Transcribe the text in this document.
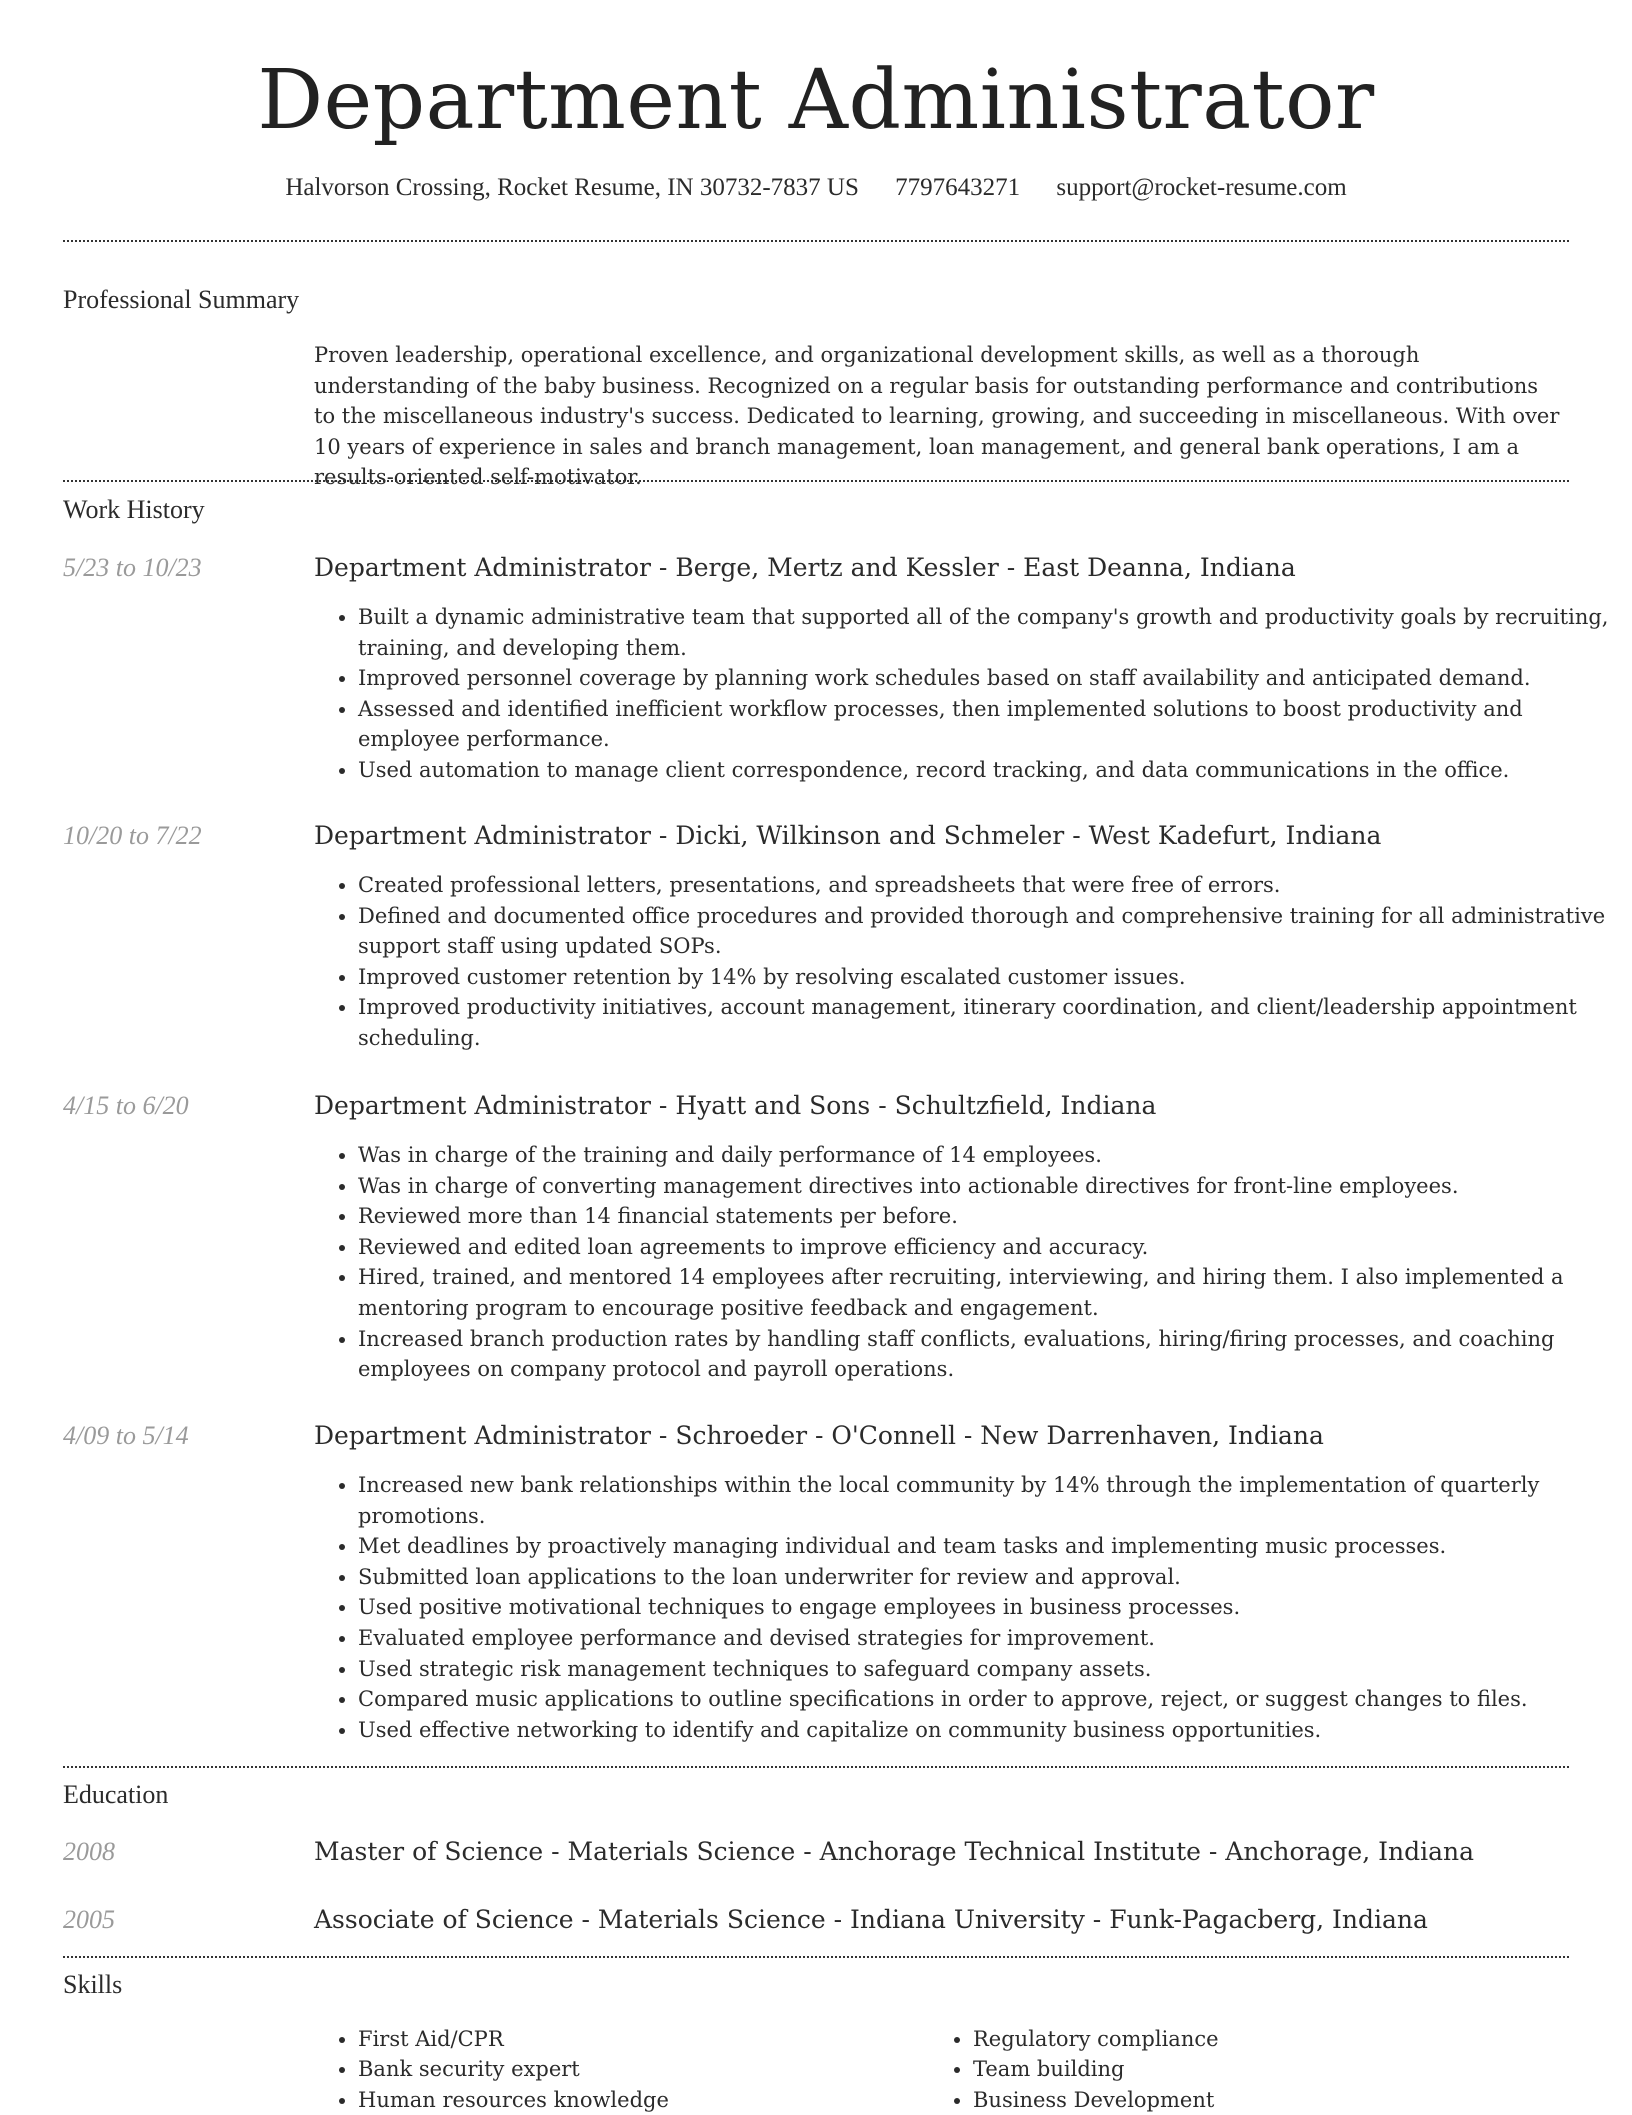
Department Administrator
Halvorson Crossing, Rocket Resume, IN 30732-7837 US 7797643271 support@rocket-resume.com
Professional Summary

Proven leadership, operational excellence, and organizational development skills, as well as a thorough understanding of the baby business. Recognized on a regular basis for outstanding performance and contributions to the miscellaneous industry's success. Dedicated to learning, growing, and succeeding in miscellaneous. With over 10 years of experience in sales and branch management, loan management, and general bank operations, I am a results-oriented self-motivator.

Work History
5/23 to 10/23	Department Administrator - Berge, Mertz and Kessler - East Deanna, Indiana
• Built a dynamic administrative team that supported all of the company's growth and productivity goals by recruiting, training, and developing them.
• Improved personnel coverage by planning work schedules based on staff availability and anticipated demand.
• Assessed and identified inefficient workflow processes, then implemented solutions to boost productivity and employee performance.
• Used automation to manage client correspondence, record tracking, and data communications in the office.
10/20 to 7/22	Department Administrator - Dicki, Wilkinson and Schmeler - West Kadefurt, Indiana
• Created professional letters, presentations, and spreadsheets that were free of errors.
• Defined and documented office procedures and provided thorough and comprehensive training for all administrative support staff using updated SOPs.
• Improved customer retention by 14% by resolving escalated customer issues.
• Improved productivity initiatives, account management, itinerary coordination, and client/leadership appointment scheduling.
4/15 to 6/20	Department Administrator - Hyatt and Sons - Schultzfield, Indiana
• Was in charge of the training and daily performance of 14 employees.
• Was in charge of converting management directives into actionable directives for front-line employees.
• Reviewed more than 14 financial statements per before.
• Reviewed and edited loan agreements to improve efficiency and accuracy.
• Hired, trained, and mentored 14 employees after recruiting, interviewing, and hiring them. I also implemented a mentoring program to encourage positive feedback and engagement.
• Increased branch production rates by handling staff conflicts, evaluations, hiring/firing processes, and coaching employees on company protocol and payroll operations.
4/09 to 5/14	Department Administrator - Schroeder - O'Connell - New Darrenhaven, Indiana
• Increased new bank relationships within the local community by 14% through the implementation of quarterly promotions.
• Met deadlines by proactively managing individual and team tasks and implementing music processes.
• Submitted loan applications to the loan underwriter for review and approval.
• Used positive motivational techniques to engage employees in business processes.
• Evaluated employee performance and devised strategies for improvement.
• Used strategic risk management techniques to safeguard company assets.
• Compared music applications to outline specifications in order to approve, reject, or suggest changes to files.
• Used effective networking to identify and capitalize on community business opportunities.
Education
2008	Master of Science - Materials Science - Anchorage Technical Institute - Anchorage, Indiana
2005	Associate of Science - Materials Science - Indiana University - Funk-Pagacberg, Indiana
Skills
• First Aid/CPR
• Bank security expert
• Human resources knowledge
• Regulatory compliance
• Team building
• Business Development
